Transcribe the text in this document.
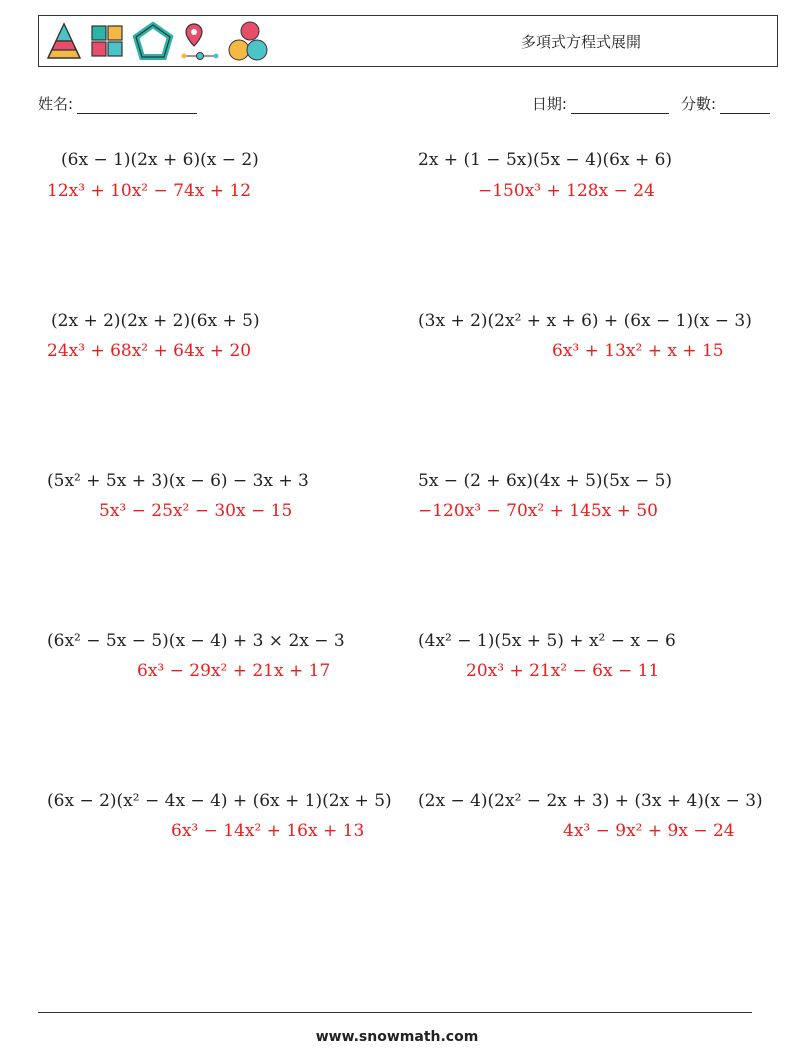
多項式方程式展開
姓名:	日期:	分數:
(6x − 1)(2x + 6)(x − 2)
12x³ + 10x² − 74x + 12
2x + (1 − 5x)(5x − 4)(6x + 6)
−150x³ + 128x − 24
(2x + 2)(2x + 2)(6x + 5)
24x³ + 68x² + 64x + 20
(3x + 2)(2x² + x + 6) + (6x − 1)(x − 3)
6x³ + 13x² + x + 15
(5x² + 5x + 3)(x − 6) − 3x + 3
5x³ − 25x² − 30x − 15
5x − (2 + 6x)(4x + 5)(5x − 5)
−120x³ − 70x² + 145x + 50
(6x² − 5x − 5)(x − 4) + 3 × 2x − 3
6x³ − 29x² + 21x + 17
(4x² − 1)(5x + 5) + x² − x − 6
20x³ + 21x² − 6x − 11
(6x − 2)(x² − 4x − 4) + (6x + 1)(2x + 5)
6x³ − 14x² + 16x + 13
(2x − 4)(2x² − 2x + 3) + (3x + 4)(x − 3)
4x³ − 9x² + 9x − 24
www.snowmath.com
